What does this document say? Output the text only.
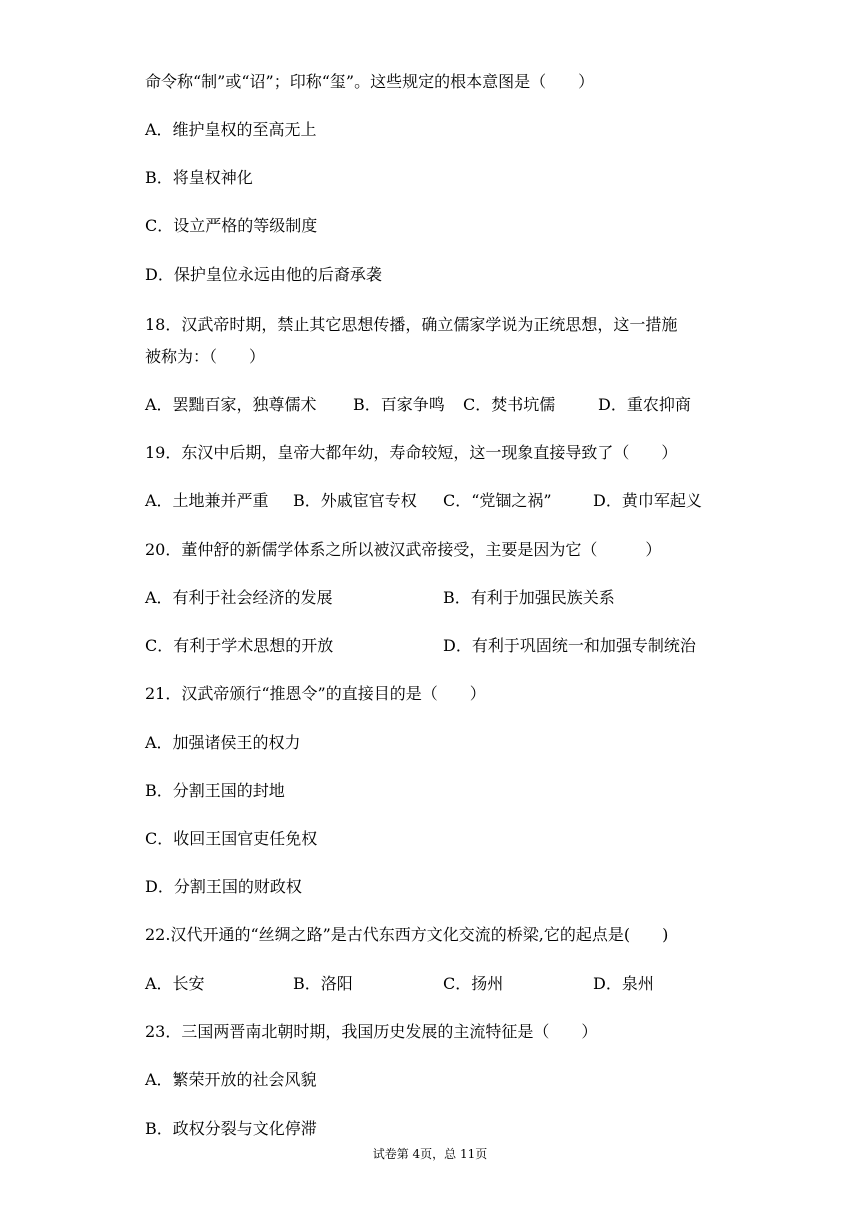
命令称“制”或“诏”；印称“玺”。这些规定的根本意图是（　　）
A．维护皇权的至高无上
B．将皇权神化
C．设立严格的等级制度
D．保护皇位永远由他的后裔承袭
18．汉武帝时期，禁止其它思想传播，确立儒家学说为正统思想，这一措施
被称为：（　　）

A．罢黜百家，独尊儒术

B．百家争鸣

C．焚书坑儒

	D．重农抑商

19．东汉中后期，皇帝大都年幼，寿命较短，这一现象直接导致了（　　）

A．土地兼并严重

B．外戚宦官专权

C．“党锢之祸”

	D．黄巾军起义

20．董仲舒的新儒学体系之所以被汉武帝接受，主要是因为它（　　　）

A．有利于社会经济的发展

	B．有利于加强民族关系

C．有利于学术思想的开放

	D．有利于巩固统一和加强专制统治

21．汉武帝颁行“推恩令”的直接目的是（　　）
A．加强诸侯王的权力
B．分割王国的封地
C．收回王国官吏任免权
D．分割王国的财政权
22.汉代开通的“丝绸之路”是古代东西方文化交流的桥梁,它的起点是(　　)

A．长安

	B．洛阳

	C．扬州

	D．泉州

23．三国两晋南北朝时期，我国历史发展的主流特征是（　　）
A．繁荣开放的社会风貌
B．政权分裂与文化停滞
试卷第 4页，总 11页
